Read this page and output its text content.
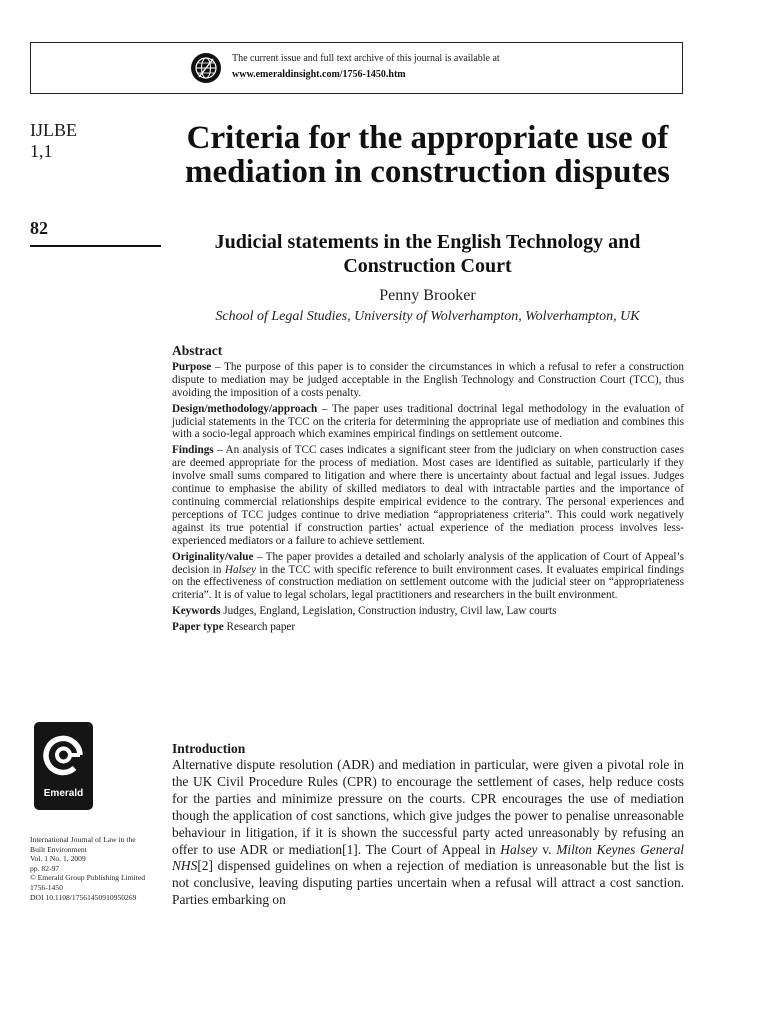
The current issue and full text archive of this journal is available at
www.emeraldinsight.com/1756-1450.htm
IJLBE
1,1
82
Criteria for the appropriate use of mediation in construction disputes
Judicial statements in the English Technology and Construction Court
Penny Brooker
School of Legal Studies, University of Wolverhampton, Wolverhampton, UK
Abstract

Purpose – The purpose of this paper is to consider the circumstances in which a refusal to refer a construction dispute to mediation may be judged acceptable in the English Technology and Construction Court (TCC), thus avoiding the imposition of a costs penalty.

Design/methodology/approach – The paper uses traditional doctrinal legal methodology in the evaluation of judicial statements in the TCC on the criteria for determining the appropriate use of mediation and combines this with a socio-legal approach which examines empirical findings on settlement outcome.

Findings – An analysis of TCC cases indicates a significant steer from the judiciary on when construction cases are deemed appropriate for the process of mediation. Most cases are identified as suitable, particularly if they involve small sums compared to litigation and where there is uncertainty about factual and legal issues. Judges continue to emphasise the ability of skilled mediators to deal with intractable parties and the importance of continuing commercial relationships despite empirical evidence to the contrary. The personal experiences and perceptions of TCC judges continue to drive mediation “appropriateness criteria”. This could work negatively against its true potential if construction parties’ actual experience of the mediation process involves less-experienced mediators or a failure to achieve settlement.

Originality/value – The paper provides a detailed and scholarly analysis of the application of Court of Appeal’s decision in Halsey in the TCC with specific reference to built environment cases. It evaluates empirical findings on the effectiveness of construction mediation on settlement outcome with the judicial steer on “appropriateness criteria”. It is of value to legal scholars, legal practitioners and researchers in the built environment.

Keywords Judges, England, Legislation, Construction industry, Civil law, Law courts

Paper type Research paper

Emerald
International Journal of Law in the
Built Environment
Vol. 1 No. 1, 2009
pp. 82-97
© Emerald Group Publishing Limited
1756-1450
DOI 10.1108/17561450910950269
Introduction

Alternative dispute resolution (ADR) and mediation in particular, were given a pivotal role in the UK Civil Procedure Rules (CPR) to encourage the settlement of cases, help reduce costs for the parties and minimize pressure on the courts. CPR encourages the use of mediation though the application of cost sanctions, which give judges the power to penalise unreasonable behaviour in litigation, if it is shown the successful party acted unreasonably by refusing an offer to use ADR or mediation[1]. The Court of Appeal in Halsey v. Milton Keynes General NHS[2] dispensed guidelines on when a rejection of mediation is unreasonable but the list is not conclusive, leaving disputing parties uncertain when a refusal will attract a cost sanction. Parties embarking on
